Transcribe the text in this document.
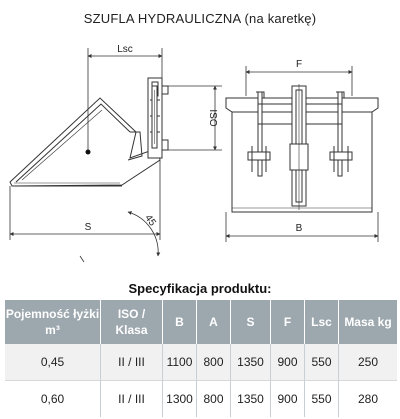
SZUFLA HYDRAULICZNA (na karetkę)
Lsc
ISO
S	45
F
B
Specyfikacja produktu:
Pojemność łyżki m³	ISO / Klasa	B	A	S	F	Lsc	Masa kg
0,45	II / III	1100	800	1350	900	550	250
0,60	II / III	1300	800	1350	900	550	280
